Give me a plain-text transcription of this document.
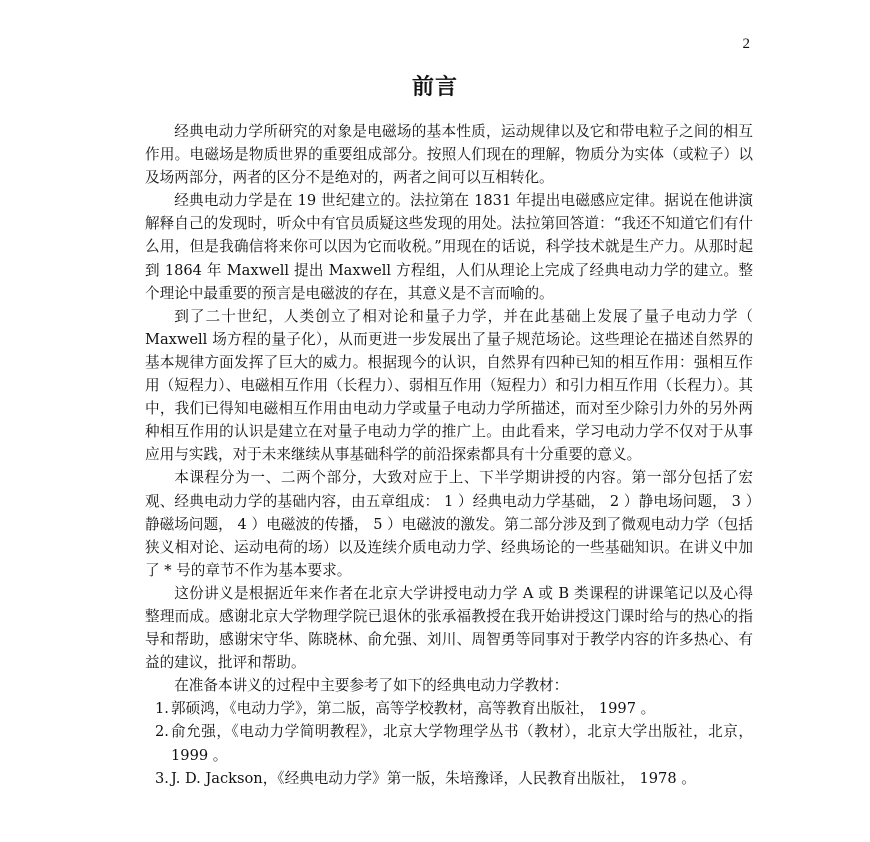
2
前言

经典电动力学所研究的对象是电磁场的基本性质，运动规律以及它和带电粒子之间的相互作用。电磁场是物质世界的重要组成部分。按照人们现在的理解，物质分为实体（或粒子）以及场两部分，两者的区分不是绝对的，两者之间可以互相转化。

经典电动力学是在 19 世纪建立的。法拉第在 1831 年提出电磁感应定律。据说在他讲演解释自己的发现时，听众中有官员质疑这些发现的用处。法拉第回答道：“我还不知道它们有什么用，但是我确信将来你可以因为它而收税。”用现在的话说，科学技术就是生产力。从那时起到 1864 年 Maxwell 提出 Maxwell 方程组，人们从理论上完成了经典电动力学的建立。整个理论中最重要的预言是电磁波的存在，其意义是不言而喻的。

到了二十世纪，人类创立了相对论和量子力学，并在此基础上发展了量子电动力学（ Maxwell 场方程的量子化），从而更进一步发展出了量子规范场论。这些理论在描述自然界的基本规律方面发挥了巨大的威力。根据现今的认识，自然界有四种已知的相互作用：强相互作用（短程力）、电磁相互作用（长程力）、弱相互作用（短程力）和引力相互作用（长程力）。其中，我们已得知电磁相互作用由电动力学或量子电动力学所描述，而对至少除引力外的另外两种相互作用的认识是建立在对量子电动力学的推广上。由此看来，学习电动力学不仅对于从事应用与实践，对于未来继续从事基础科学的前沿探索都具有十分重要的意义。

本课程分为一、二两个部分，大致对应于上、下半学期讲授的内容。第一部分包括了宏观、经典电动力学的基础内容，由五章组成： 1 ）经典电动力学基础， 2 ）静电场问题， 3 ）静磁场问题， 4 ）电磁波的传播， 5 ）电磁波的激发。第二部分涉及到了微观电动力学（包括狭义相对论、运动电荷的场）以及连续介质电动力学、经典场论的一些基础知识。在讲义中加了 * 号的章节不作为基本要求。

这份讲义是根据近年来作者在北京大学讲授电动力学 A 或 B 类课程的讲课笔记以及心得整理而成。感谢北京大学物理学院已退休的张承福教授在我开始讲授这门课时给与的热心的指导和帮助，感谢宋守华、陈晓林、俞允强、刘川、周智勇等同事对于教学内容的许多热心、有益的建议，批评和帮助。

在准备本讲义的过程中主要参考了如下的经典电动力学教材：

1. 郭硕鸿，《电动力学》，第二版，高等学校教材，高等教育出版社， 1997 。
2. 俞允强，《电动力学简明教程》，北京大学物理学丛书（教材），北京大学出版社，北京， 1999 。
3. J. D. Jackson，《经典电动力学》第一版，朱培豫译，人民教育出版社， 1978 。
